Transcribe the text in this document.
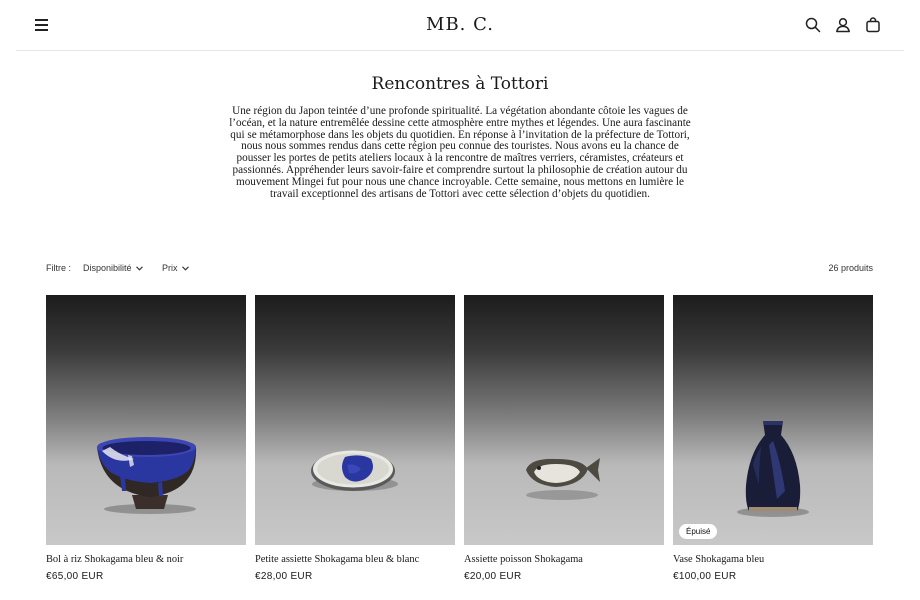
MB. C.
Rencontres à Tottori

Une région du Japon teintée d’une profonde spiritualité. La végétation abondante côtoie les vagues de l’océan, et la nature entremêlée dessine cette atmosphère entre mythes et légendes. Une aura fascinante qui se métamorphose dans les objets du quotidien. En réponse à l’invitation de la préfecture de Tottori, nous nous sommes rendus dans cette région peu connue des touristes. Nous avons eu la chance de pousser les portes de petits ateliers locaux à la rencontre de maîtres verriers, céramistes, créateurs et passionnés. Appréhender leurs savoir-faire et comprendre surtout la philosophie de création autour du mouvement Mingei fut pour nous une chance incroyable. Cette semaine, nous mettons en lumière le travail exceptionnel des artisans de Tottori avec cette sélection d’objets du quotidien.

Filtre : Disponibilité	Prix	26 produits
Bol à riz Shokagama bleu & noir
€65,00 EUR
Petite assiette Shokagama bleu & blanc
€28,00 EUR
Assiette poisson Shokagama
€20,00 EUR
Épuisé
Vase Shokagama bleu
€100,00 EUR
